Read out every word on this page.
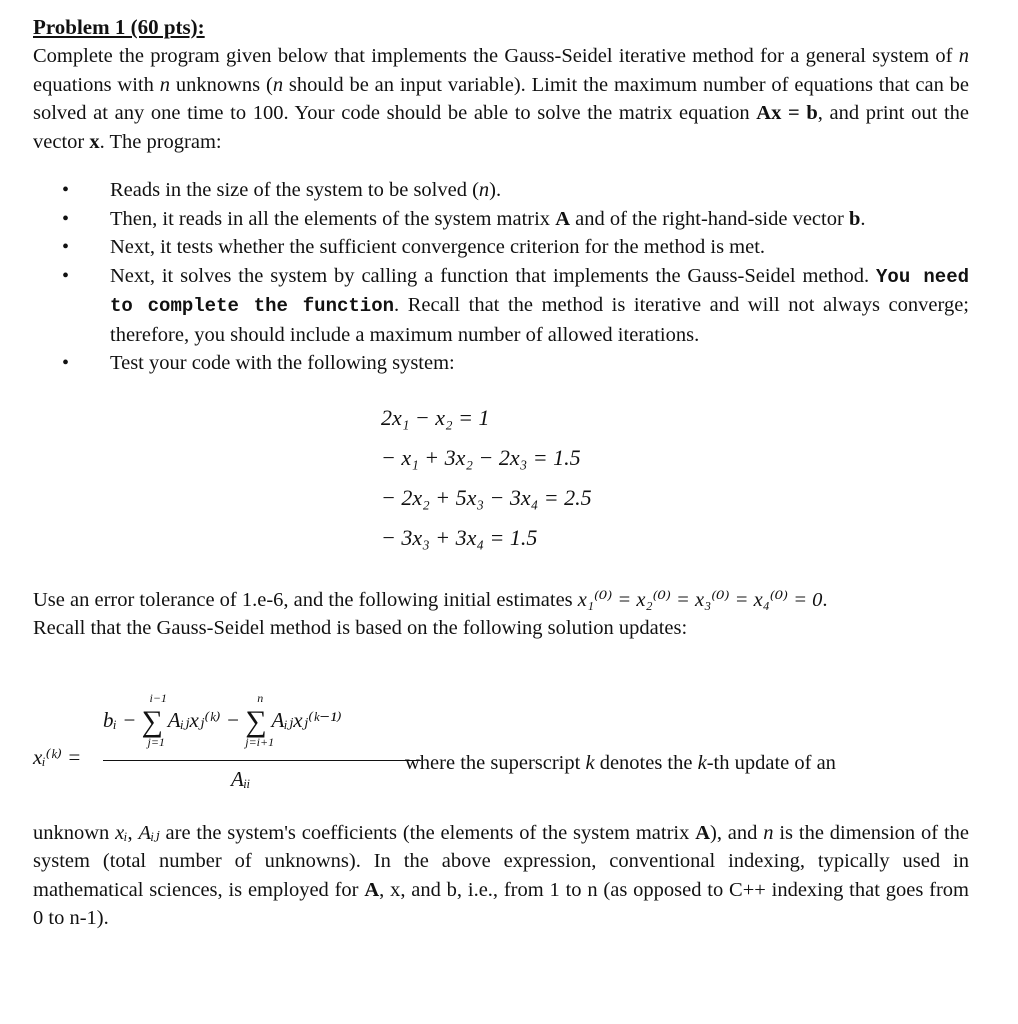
Problem 1 (60 pts):

Complete the program given below that implements the Gauss-Seidel iterative method for a general system of n equations with n unknowns (n should be an input variable). Limit the maximum number of equations that can be solved at any one time to 100. Your code should be able to solve the matrix equation Ax = b, and print out the vector x. The program:

• Reads in the size of the system to be solved (n).
• Then, it reads in all the elements of the system matrix A and of the right-hand-side vector b.
• Next, it tests whether the sufficient convergence criterion for the method is met.
• Next, it solves the system by calling a function that implements the Gauss-Seidel method. You need to complete the function. Recall that the method is iterative and will not always converge; therefore, you should include a maximum number of allowed iterations.
• Test your code with the following system:
2x₁ − x₂ = 1
− x₁ + 3x₂ − 2x₃ = 1.5
− 2x₂ + 5x₃ − 3x₄ = 2.5
− 3x₃ + 3x₄ = 1.5

Use an error tolerance of 1.e-6, and the following initial estimates x₁⁽⁰⁾ = x₂⁽⁰⁾ = x₃⁽⁰⁾ = x₄⁽⁰⁾ = 0.
Recall that the Gauss-Seidel method is based on the following solution updates:

xᵢ⁽ᵏ⁾ =
bᵢ −
i−1
∑
j=1
Aᵢⱼxⱼ⁽ᵏ⁾ −
n
∑
j=i+1
Aᵢⱼxⱼ⁽ᵏ⁻¹⁾
Aᵢᵢ
where the superscript k denotes the k-th update of an

unknown xᵢ, Aᵢⱼ are the system's coefficients (the elements of the system matrix A), and n is the dimension of the system (total number of unknowns). In the above expression, conventional indexing, typically used in mathematical sciences, is employed for A, x, and b, i.e., from 1 to n (as opposed to C++ indexing that goes from 0 to n-1).
